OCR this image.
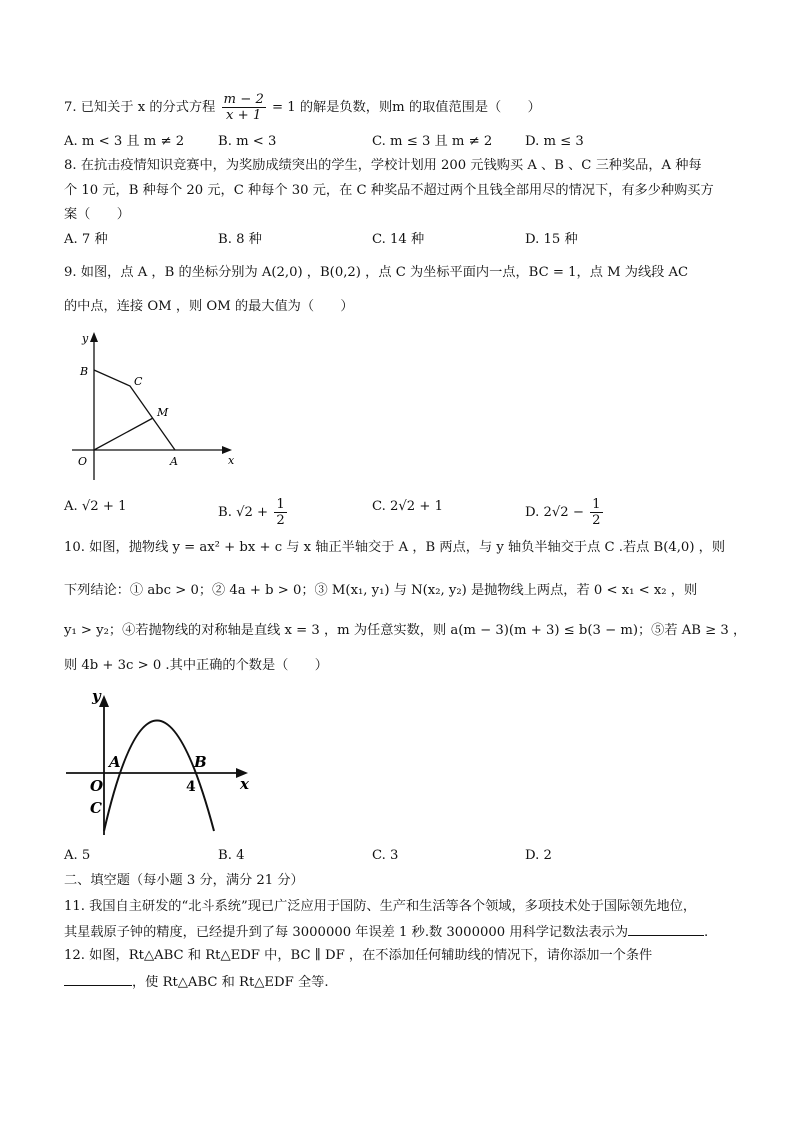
7. 已知关于 x 的分式方程 $\frac{m - 2}{x + 1} = 1$ 的解是负数，则m 的取值范围是（　　）
A. m < 3 且 m ≠ 2	B. m < 3	C. m ≤ 3 且 m ≠ 2 D. m ≤ 3
8. 在抗击疫情知识竞赛中，为奖励成绩突出的学生，学校计划用 200 元钱购买 A 、B 、C 三种奖品，A 种每
个 10 元，B 种每个 20 元，C 种每个 30 元，在 C 种奖品不超过两个且钱全部用尽的情况下，有多少种购买方
案（　　）
A. 7 种	B. 8 种	C. 14 种	D. 15 种
9. 如图，点 A ，B 的坐标分别为 A(2,0) ，B(0,2) ，点 C 为坐标平面内一点，BC = 1，点 M 为线段 AC
的中点，连接 OM ，则 OM 的最大值为（　　）
y
x
O
B
C
M
A
A. √2 + 1	B. $√2 + \frac{1}{2}$	C. 2√2 + 1	D. $2√2 - \frac{1}{2}$
10. 如图，抛物线 y = ax² + bx + c 与 x 轴正半轴交于 A ，B 两点，与 y 轴负半轴交于点 C .若点 B(4,0) ，则
下列结论：① abc > 0；② 4a + b > 0；③ M(x₁, y₁) 与 N(x₂, y₂) 是抛物线上两点，若 0 < x₁ < x₂ ，则
y₁ > y₂；④若抛物线的对称轴是直线 x = 3 ，m 为任意实数，则 a(m − 3)(m + 3) ≤ b(3 − m)；⑤若 AB ≥ 3 ，
则 4b + 3c > 0 .其中正确的个数是（　　）
y
x
O
A	B
C
4
A. 5	B. 4	C. 3	D. 2
二、填空题（每小题 3 分，满分 21 分）
11. 我国自主研发的“北斗系统”现已广泛应用于国防、生产和生活等各个领域，多项技术处于国际领先地位，
其星载原子钟的精度，已经提升到了每 3000000 年误差 1 秒.数 3000000 用科学记数法表示为	.
12. 如图，Rt△ABC 和 Rt△EDF 中，BC ∥ DF ，在不添加任何辅助线的情况下，请你添加一个条件
，使 Rt△ABC 和 Rt△EDF 全等.
